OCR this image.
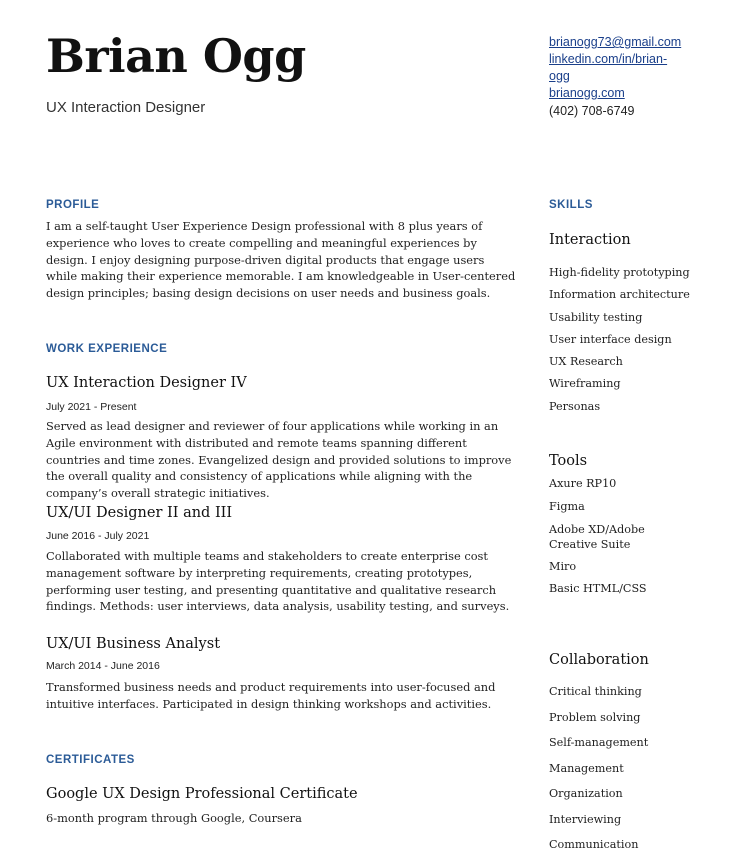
Brian Ogg
UX Interaction Designer
brianogg73@gmail.com
linkedin.com/in/brian-
ogg
brianogg.com
(402) 708-6749
PROFILE
I am a self-taught User Experience Design professional with 8 plus years of experience who loves to create compelling and meaningful experiences by design. I enjoy designing purpose-driven digital products that engage users while making their experience memorable. I am knowledgeable in User-centered design principles; basing design decisions on user needs and business goals.
WORK EXPERIENCE
UX Interaction Designer IV
July 2021 - Present
Served as lead designer and reviewer of four applications while working in an Agile environment with distributed and remote teams spanning different countries and time zones. Evangelized design and provided solutions to improve the overall quality and consistency of applications while aligning with the company’s overall strategic initiatives.
UX/UI Designer II and III
June 2016 - July 2021
Collaborated with multiple teams and stakeholders to create enterprise cost management software by interpreting requirements, creating prototypes, performing user testing, and presenting quantitative and qualitative research findings. Methods: user interviews, data analysis, usability testing, and surveys.
UX/UI Business Analyst
March 2014 - June 2016
Transformed business needs and product requirements into user-focused and intuitive interfaces. Participated in design thinking workshops and activities.
CERTIFICATES
Google UX Design Professional Certificate
6-month program through Google, Coursera
SKILLS
Interaction
High-fidelity prototyping
Information architecture
Usability testing
User interface design
UX Research
Wireframing
Personas
Tools
Axure RP10
Figma
Adobe XD/Adobe Creative Suite
Miro
Basic HTML/CSS
Collaboration
Critical thinking
Problem solving
Self-management
Management
Organization
Interviewing
Communication
